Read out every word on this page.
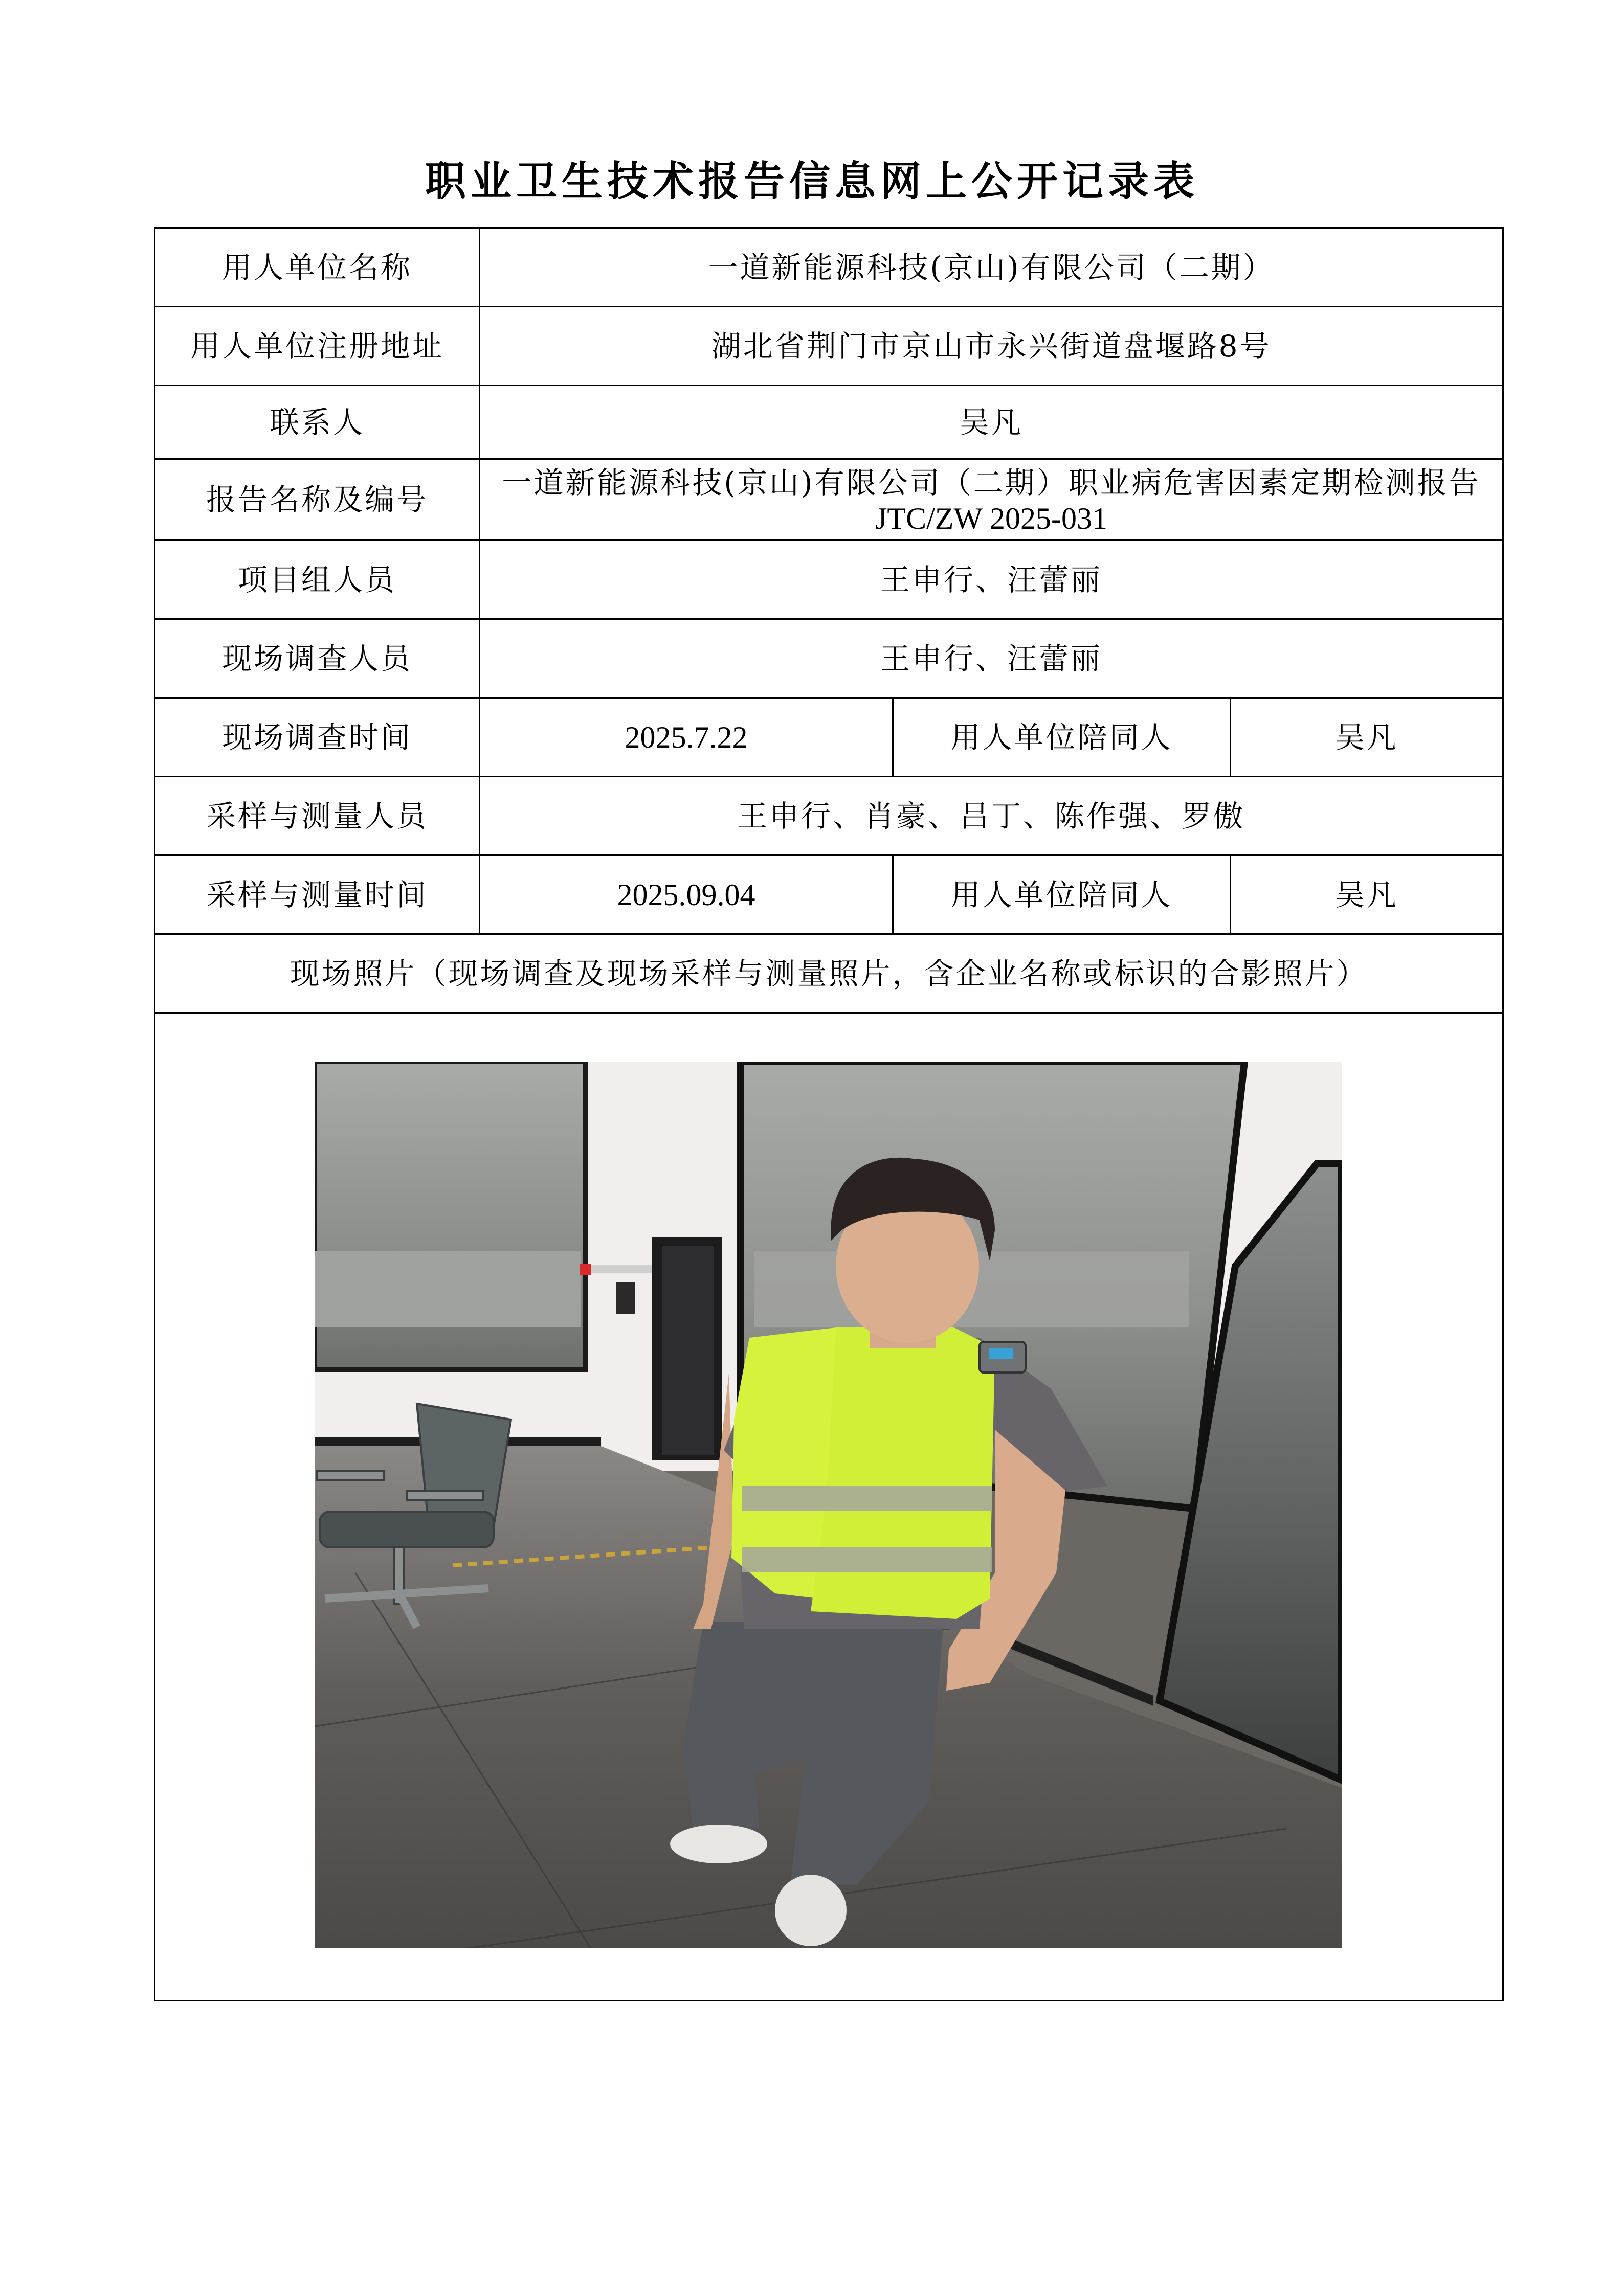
职业卫生技术报告信息网上公开记录表
用人单位名称	一道新能源科技(京山)有限公司（二期）		
用人单位注册地址	湖北省荆门市京山市永兴街道盘堰路8号		
联系人	吴凡		
报告名称及编号	一道新能源科技(京山)有限公司（二期）职业病危害因素定期检测报告
JTC/ZW 2025-031		

项目组人员	王申行、汪蕾丽		
现场调查人员	王申行、汪蕾丽		
现场调查时间	2025.7.22	用人单位陪同人	吴凡
采样与测量人员	王申行、肖豪、吕丁、陈作强、罗傲		
采样与测量时间	2025.09.04	用人单位陪同人	吴凡
现场照片（现场调查及现场采样与测量照片，含企业名称或标识的合影照片）			
